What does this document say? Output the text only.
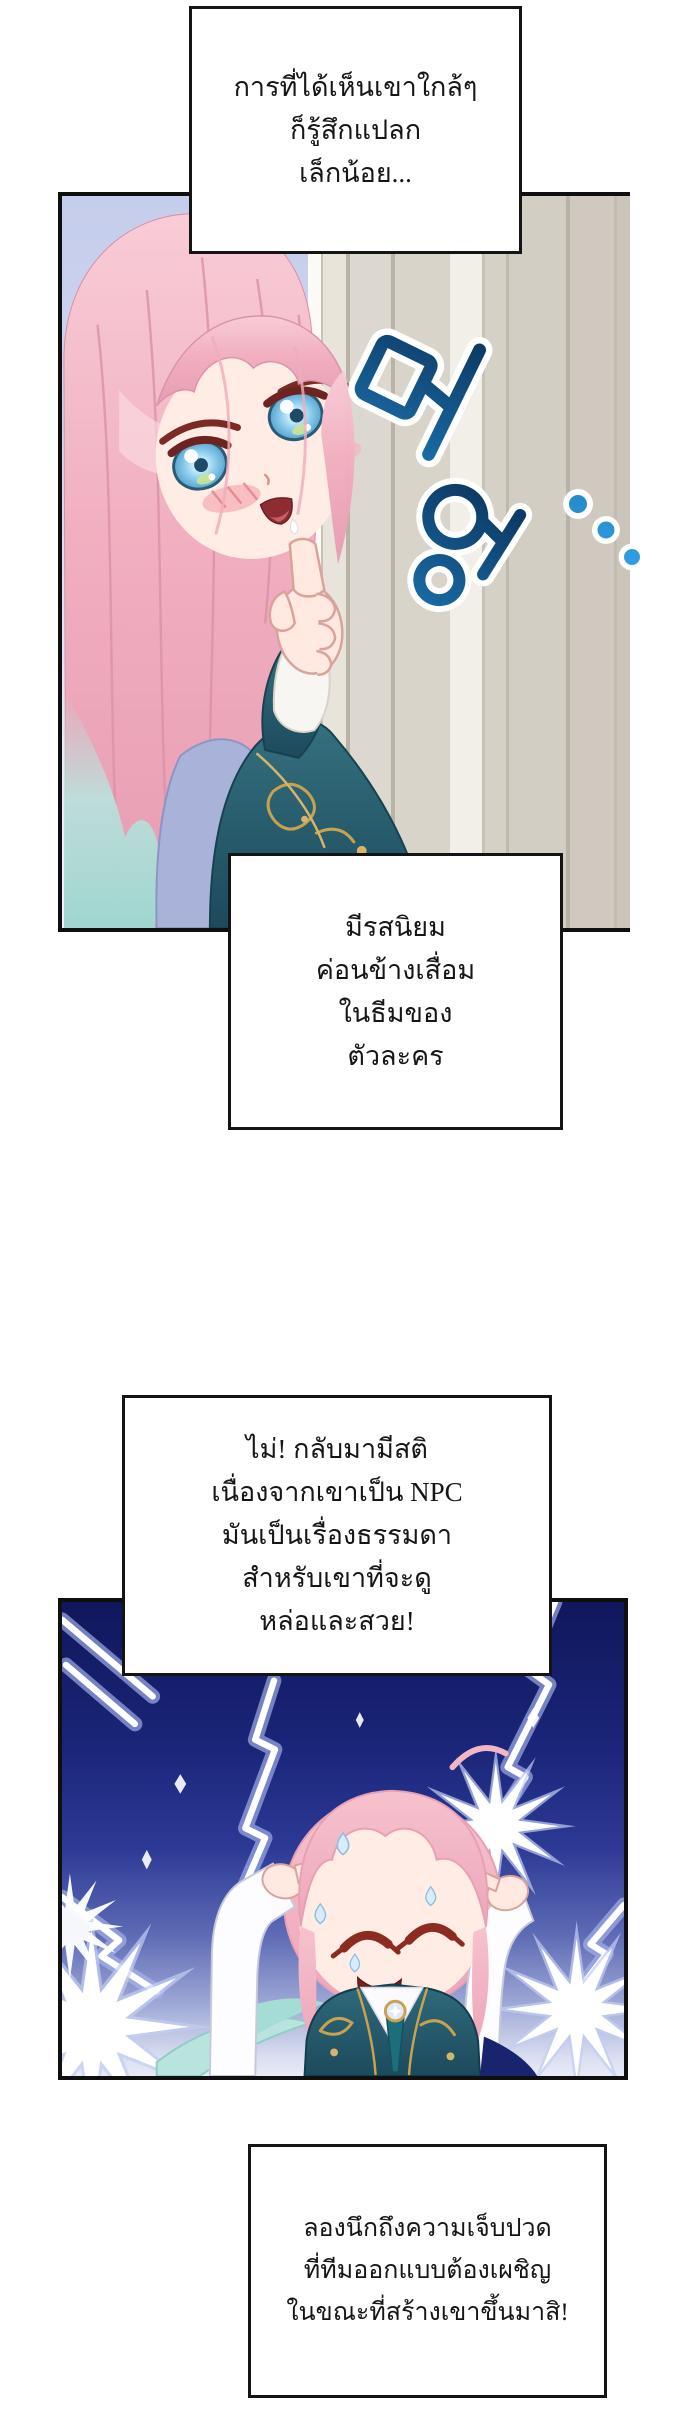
การที่ได้เห็นเขาใกล้ๆ
ก็รู้สึกแปลก
เล็กน้อย...
มีรสนิยม
ค่อนข้างเสื่อม
ในธีมของ
ตัวละคร
ไม่! กลับมามีสติ
เนื่องจากเขาเป็น NPC
มันเป็นเรื่องธรรมดา
สำหรับเขาที่จะดู
หล่อและสวย!
ลองนึกถึงความเจ็บปวด
ที่ทีมออกแบบต้องเผชิญ
ในขณะที่สร้างเขาขึ้นมาสิ!
